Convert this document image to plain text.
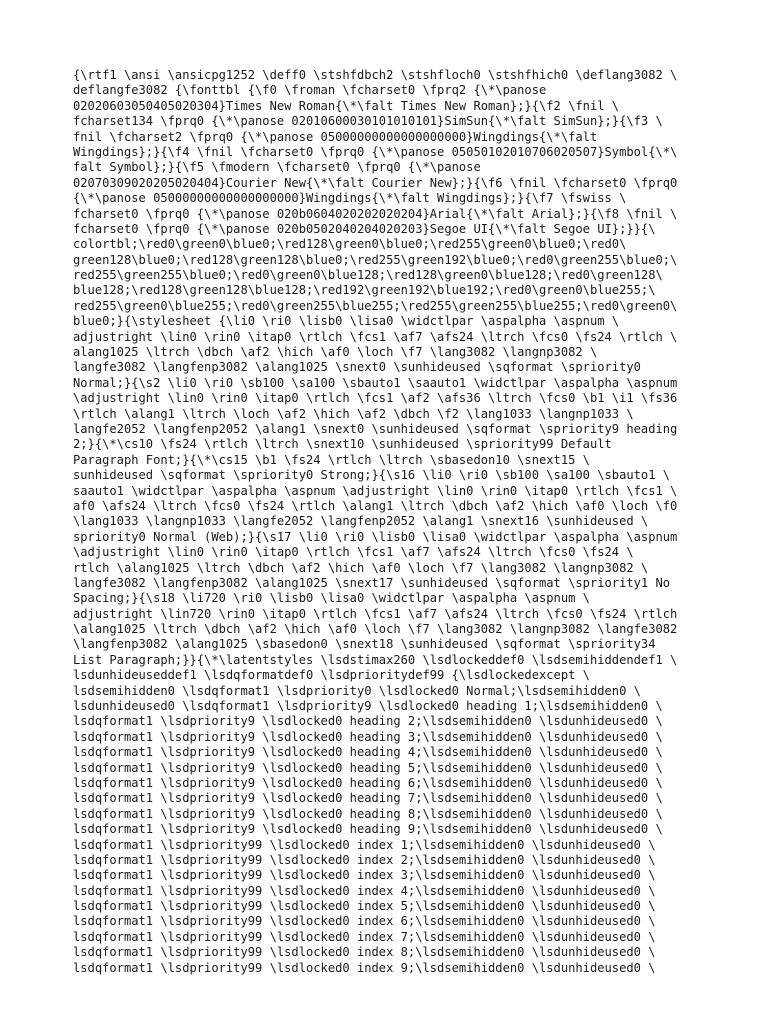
{\rtf1 \ansi \ansicpg1252 \deff0 \stshfdbch2 \stshfloch0 \stshfhich0 \deflang3082 \
deflangfe3082 {\fonttbl {\f0 \froman \fcharset0 \fprq2 {\*\panose
02020603050405020304}Times New Roman{\*\falt Times New Roman};}{\f2 \fnil \
fcharset134 \fprq0 {\*\panose 02010600030101010101}SimSun{\*\falt SimSun};}{\f3 \
fnil \fcharset2 \fprq0 {\*\panose 05000000000000000000}Wingdings{\*\falt
Wingdings};}{\f4 \fnil \fcharset0 \fprq0 {\*\panose 05050102010706020507}Symbol{\*\
falt Symbol};}{\f5 \fmodern \fcharset0 \fprq0 {\*\panose
02070309020205020404}Courier New{\*\falt Courier New};}{\f6 \fnil \fcharset0 \fprq0
{\*\panose 05000000000000000000}Wingdings{\*\falt Wingdings};}{\f7 \fswiss \
fcharset0 \fprq0 {\*\panose 020b0604020202020204}Arial{\*\falt Arial};}{\f8 \fnil \
fcharset0 \fprq0 {\*\panose 020b0502040204020203}Segoe UI{\*\falt Segoe UI};}}{\
colortbl;\red0\green0\blue0;\red128\green0\blue0;\red255\green0\blue0;\red0\
green128\blue0;\red128\green128\blue0;\red255\green192\blue0;\red0\green255\blue0;\
red255\green255\blue0;\red0\green0\blue128;\red128\green0\blue128;\red0\green128\
blue128;\red128\green128\blue128;\red192\green192\blue192;\red0\green0\blue255;\
red255\green0\blue255;\red0\green255\blue255;\red255\green255\blue255;\red0\green0\
blue0;}{\stylesheet {\li0 \ri0 \lisb0 \lisa0 \widctlpar \aspalpha \aspnum \
adjustright \lin0 \rin0 \itap0 \rtlch \fcs1 \af7 \afs24 \ltrch \fcs0 \fs24 \rtlch \
alang1025 \ltrch \dbch \af2 \hich \af0 \loch \f7 \lang3082 \langnp3082 \
langfe3082 \langfenp3082 \alang1025 \snext0 \sunhideused \sqformat \spriority0
Normal;}{\s2 \li0 \ri0 \sb100 \sa100 \sbauto1 \saauto1 \widctlpar \aspalpha \aspnum
\adjustright \lin0 \rin0 \itap0 \rtlch \fcs1 \af2 \afs36 \ltrch \fcs0 \b1 \i1 \fs36
\rtlch \alang1 \ltrch \loch \af2 \hich \af2 \dbch \f2 \lang1033 \langnp1033 \
langfe2052 \langfenp2052 \alang1 \snext0 \sunhideused \sqformat \spriority9 heading
2;}{\*\cs10 \fs24 \rtlch \ltrch \snext10 \sunhideused \spriority99 Default
Paragraph Font;}{\*\cs15 \b1 \fs24 \rtlch \ltrch \sbasedon10 \snext15 \
sunhideused \sqformat \spriority0 Strong;}{\s16 \li0 \ri0 \sb100 \sa100 \sbauto1 \
saauto1 \widctlpar \aspalpha \aspnum \adjustright \lin0 \rin0 \itap0 \rtlch \fcs1 \
af0 \afs24 \ltrch \fcs0 \fs24 \rtlch \alang1 \ltrch \dbch \af2 \hich \af0 \loch \f0
\lang1033 \langnp1033 \langfe2052 \langfenp2052 \alang1 \snext16 \sunhideused \
spriority0 Normal (Web);}{\s17 \li0 \ri0 \lisb0 \lisa0 \widctlpar \aspalpha \aspnum
\adjustright \lin0 \rin0 \itap0 \rtlch \fcs1 \af7 \afs24 \ltrch \fcs0 \fs24 \
rtlch \alang1025 \ltrch \dbch \af2 \hich \af0 \loch \f7 \lang3082 \langnp3082 \
langfe3082 \langfenp3082 \alang1025 \snext17 \sunhideused \sqformat \spriority1 No
Spacing;}{\s18 \li720 \ri0 \lisb0 \lisa0 \widctlpar \aspalpha \aspnum \
adjustright \lin720 \rin0 \itap0 \rtlch \fcs1 \af7 \afs24 \ltrch \fcs0 \fs24 \rtlch
\alang1025 \ltrch \dbch \af2 \hich \af0 \loch \f7 \lang3082 \langnp3082 \langfe3082
\langfenp3082 \alang1025 \sbasedon0 \snext18 \sunhideused \sqformat \spriority34
List Paragraph;}}{\*\latentstyles \lsdstimax260 \lsdlockeddef0 \lsdsemihiddendef1 \
lsdunhideuseddef1 \lsdqformatdef0 \lsdprioritydef99 {\lsdlockedexcept \
lsdsemihidden0 \lsdqformat1 \lsdpriority0 \lsdlocked0 Normal;\lsdsemihidden0 \
lsdunhideused0 \lsdqformat1 \lsdpriority9 \lsdlocked0 heading 1;\lsdsemihidden0 \
lsdqformat1 \lsdpriority9 \lsdlocked0 heading 2;\lsdsemihidden0 \lsdunhideused0 \
lsdqformat1 \lsdpriority9 \lsdlocked0 heading 3;\lsdsemihidden0 \lsdunhideused0 \
lsdqformat1 \lsdpriority9 \lsdlocked0 heading 4;\lsdsemihidden0 \lsdunhideused0 \
lsdqformat1 \lsdpriority9 \lsdlocked0 heading 5;\lsdsemihidden0 \lsdunhideused0 \
lsdqformat1 \lsdpriority9 \lsdlocked0 heading 6;\lsdsemihidden0 \lsdunhideused0 \
lsdqformat1 \lsdpriority9 \lsdlocked0 heading 7;\lsdsemihidden0 \lsdunhideused0 \
lsdqformat1 \lsdpriority9 \lsdlocked0 heading 8;\lsdsemihidden0 \lsdunhideused0 \
lsdqformat1 \lsdpriority9 \lsdlocked0 heading 9;\lsdsemihidden0 \lsdunhideused0 \
lsdqformat1 \lsdpriority99 \lsdlocked0 index 1;\lsdsemihidden0 \lsdunhideused0 \
lsdqformat1 \lsdpriority99 \lsdlocked0 index 2;\lsdsemihidden0 \lsdunhideused0 \
lsdqformat1 \lsdpriority99 \lsdlocked0 index 3;\lsdsemihidden0 \lsdunhideused0 \
lsdqformat1 \lsdpriority99 \lsdlocked0 index 4;\lsdsemihidden0 \lsdunhideused0 \
lsdqformat1 \lsdpriority99 \lsdlocked0 index 5;\lsdsemihidden0 \lsdunhideused0 \
lsdqformat1 \lsdpriority99 \lsdlocked0 index 6;\lsdsemihidden0 \lsdunhideused0 \
lsdqformat1 \lsdpriority99 \lsdlocked0 index 7;\lsdsemihidden0 \lsdunhideused0 \
lsdqformat1 \lsdpriority99 \lsdlocked0 index 8;\lsdsemihidden0 \lsdunhideused0 \
lsdqformat1 \lsdpriority99 \lsdlocked0 index 9;\lsdsemihidden0 \lsdunhideused0 \
